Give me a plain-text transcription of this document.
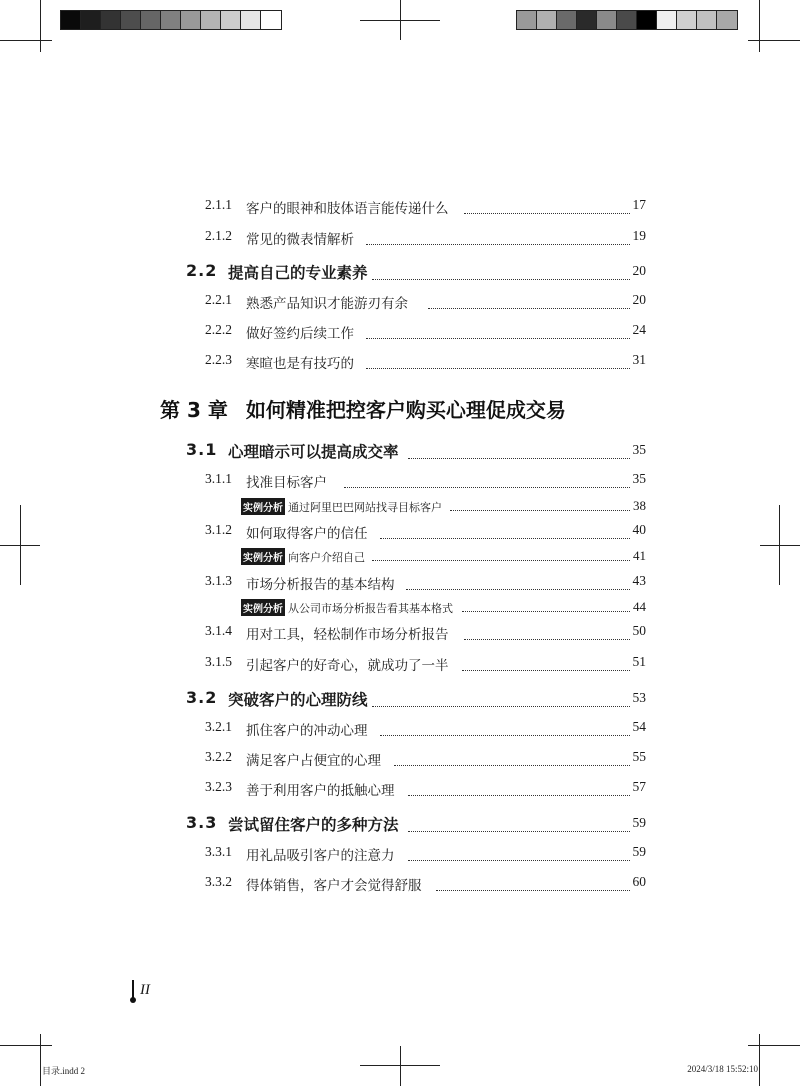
2.1.1 客户的眼神和肢体语言能传递什么	17
2.1.2 常见的微表情解析	19
2.2 提高自己的专业素养	20
2.2.1 熟悉产品知识才能游刃有余	20
2.2.2 做好签约后续工作	24
2.2.3 寒暄也是有技巧的	31
第 3 章 如何精准把控客户购买心理促成交易
3.1 心理暗示可以提高成交率	35
3.1.1 找准目标客户	35
实例分析 通过阿里巴巴网站找寻目标客户	38
3.1.2 如何取得客户的信任	40
实例分析 向客户介绍自己	41
3.1.3 市场分析报告的基本结构	43
实例分析 从公司市场分析报告看其基本格式	44
3.1.4 用对工具，轻松制作市场分析报告	50
3.1.5 引起客户的好奇心，就成功了一半	51
3.2 突破客户的心理防线	53
3.2.1 抓住客户的冲动心理	54
3.2.2 满足客户占便宜的心理	55
3.2.3 善于利用客户的抵触心理	57
3.3 尝试留住客户的多种方法	59
3.3.1 用礼品吸引客户的注意力	59
3.3.2 得体销售，客户才会觉得舒服	60
II
目录.indd 2	2024/3/18 15:52:10
